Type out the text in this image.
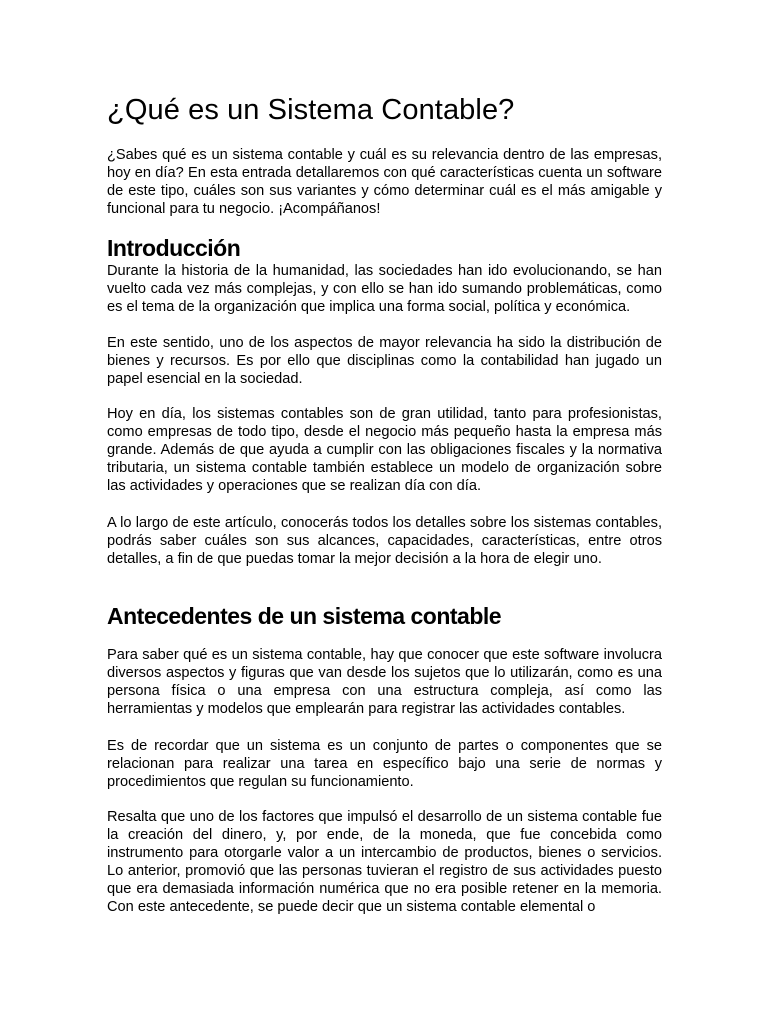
¿Qué es un Sistema Contable?

¿Sabes qué es un sistema contable y cuál es su relevancia dentro de las empresas, hoy en día? En esta entrada detallaremos con qué características cuenta un software de este tipo, cuáles son sus variantes y cómo determinar cuál es el más amigable y funcional para tu negocio. ¡Acompáñanos!

Introducción

Durante la historia de la humanidad, las sociedades han ido evolucionando, se han vuelto cada vez más complejas, y con ello se han ido sumando problemáticas, como es el tema de la organización que implica una forma social, política y económica.

En este sentido, uno de los aspectos de mayor relevancia ha sido la distribución de bienes y recursos. Es por ello que disciplinas como la contabilidad han jugado un papel esencial en la sociedad.

Hoy en día, los sistemas contables son de gran utilidad, tanto para profesionistas, como empresas de todo tipo, desde el negocio más pequeño hasta la empresa más grande. Además de que ayuda a cumplir con las obligaciones fiscales y la normativa tributaria, un sistema contable también establece un modelo de organización sobre las actividades y operaciones que se realizan día con día.

A lo largo de este artículo, conocerás todos los detalles sobre los sistemas contables, podrás saber cuáles son sus alcances, capacidades, características, entre otros detalles, a fin de que puedas tomar la mejor decisión a la hora de elegir uno.

Antecedentes de un sistema contable

Para saber qué es un sistema contable, hay que conocer que este software involucra diversos aspectos y figuras que van desde los sujetos que lo utilizarán, como es una persona física o una empresa con una estructura compleja, así como las herramientas y modelos que emplearán para registrar las actividades contables.

Es de recordar que un sistema es un conjunto de partes o componentes que se relacionan para realizar una tarea en específico bajo una serie de normas y procedimientos que regulan su funcionamiento.

Resalta que uno de los factores que impulsó el desarrollo de un sistema contable fue la creación del dinero, y, por ende, de la moneda, que fue concebida como instrumento para otorgarle valor a un intercambio de productos, bienes o servicios. Lo anterior, promovió que las personas tuvieran el registro de sus actividades puesto que era demasiada información numérica que no era posible retener en la memoria. Con este antecedente, se puede decir que un sistema contable elemental o
